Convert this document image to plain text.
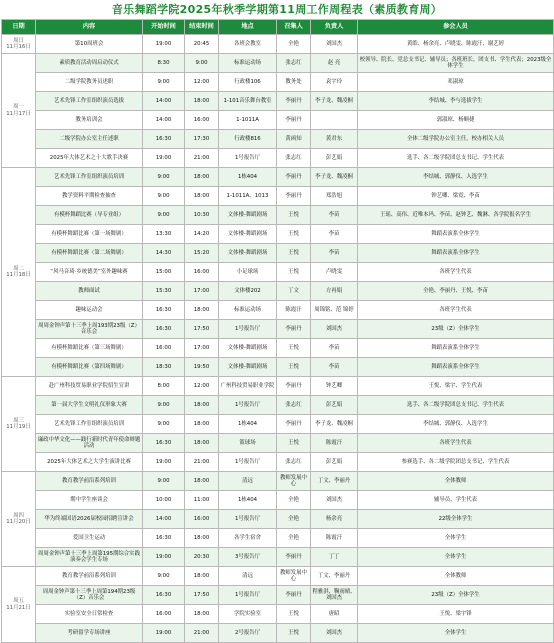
音乐舞蹈学院2025年秋季学期第11周工作周程表（素质教育周）
日期	内容	开始时间	结束时间	地点	召集人	负责人	参会人员
周日
11月16日	第10周班会	19:00	20:45	各班会教室	全艳	刘国杰	黄皓、杨余亮、卢晓雯、陈霞汗、谢艺婷
周一
11月17日	素质教育活动周启动仪式	8:30	9:00	标准运动场	张志红	赵 亮	校领导、院长、党总支书记、辅导员；各班班长、团支书、学生代表；2023级全体学生
	二级学院教务员述职	9:00	12:00	行政楼106	教务处	袁宇玲	邓淑琼
	艺术先锋工作室组织演员选拔	14:00	18:00	1-101音乐舞台教室	李丽丹	李子龙、魏凌桐	李结城、李与选拔学生
	教务培训会	14:00	16:00	1-1011A	李丽丹		郭淑琼、杨顺捷
	二级学院办公室主任述职	16:30	17:30	行政楼816	黄函知	黄君东	全体二级学院办公室主任，校办相关人员
	2025年大体艺术之十大歌手决赛	19:00	21:00	1号报告厅	张志红	彭艺娟	选手、各二级学院团总支书记、学生代表
周二
11月18日	艺术先锋工作室组织演员培训	9:00	18:00	1栋404	李丽丹	李子龙、魏凌桐	李结城、郭静仪、入选学生
	教学资料平期检查抽查	9:00	18:00	1-1011A、1013	李丽丹	郑浩旭	钟艺卿、梁霓、李苗
	有模杯舞蹈比赛（导专业组）	9:00	10:30	文体楼-舞蹈剧场	王悦	李苗	王瑶、高伟、近唯本玛、李苗、赵钟艺、魏淋、各学院报名学生
	有模杯舞蹈比赛（第一场舞剧）	13:30	14:20	文体楼-舞蹈剧场	王悦	李苗	舞蹈表演系全体学生
	有模杯舞蹈比赛（第二场舞剧）	14:30	15:20	文体楼-舞蹈剧场	王悦	李苗	舞蹈表演系全体学生
	“风马音琦·乡统德美”室外趣味赛	15:00	16:00	小足球场	王悦	卢晓雯	各班学生代表
	教师面试	15:30	17:00	文体楼202	丁文	方再娟	全艳、李丽丹、王悦、李苗
	趣味运动会	16:30	18:00	标准运动场	陈霞汗	周锦铭、范 锦婷	各班学生代表
	周周金钟声第十三季上周193期23级（Z）音乐会	16:30	17:50	1号报告厅	李丽丹	刘国杰	23级（Z）全体学生
	有模杯舞蹈比赛（第三场舞剧）	16:00	17:00	文体楼-舞蹈剧场	王悦	李苗	舞蹈表演系全体学生
	有模杯舞蹈比赛（第四场舞剧）	18:30	19:50	文体楼-舞蹈剧场	王悦	李苗	舞蹈表演系全体学生
周三
11月19日	赴广州科技贸易职业学院招生宣讲	8:00	12:00	广州科技贸易职业学院	李丽丹	钟艺卿	王悦、梁宇、学生代表
	第一届大学生文明礼仪形象大赛	9:00	18:00	1号报告厅	张志红	彭艺娟	选手、各二级学院团总支书记、学生代表
	艺术先锋工作室组织演员培训	9:00	18:00	1栋404	李丽丹	李子龙、魏凌桐	李结城、郭静仪、入选学生
	廉政中华文化——践行新时代青年使命辩题活动	16:30	18:00	篮球场	王悦	陈霞汗	各班学生代表
	2025年大体艺术之大学生演讲比赛	19:00	21:00	1号报告厅	张志红	彭艺娟	参赛选手、各二级学院团总支书记、学生代表
周四
11月20日	教育教学前沿系列培训	9:00	18:00	清远	教师发展中心	丁文、李丽丹	全体教师
	期中学生座谈会	10:00	11:00	1栋404	全艳	刘国杰	辅导员、学生代表
	华为终端国语2026届校园招聘宣讲会	14:00	16:00	1号报告厅	全艳	杨余亮	22级全体学生
	爱国卫生运动	16:30	18:00	各学生宿舍	全艳	陈霞汗	全体学生
	周周金钟声第十三季上周第195期综合实践演奏会学生专场	19:00	20:30	3号报告厅	李丽丹	丁丁	全体学生
周五
11月21日	教育教学前沿系列培训	9:00	18:00	清远	教师发展中心	丁文、李丽丹	全体教师
	周周金钟声第十三季上周第194期23级（Z）音乐会	16:30	17:50	1号报告厅	李丽丹	程雅淇、鞠雨晴、刘国杰	23级（Z）全体学生
	实验室安全日常检查	16:00	18:00	学院实验室	王悦	唐昭	王悦、梁宇锋
	考研留学专场讲座	19:00	21:00	2号报告厅	王悦	刘国杰	全体学生
